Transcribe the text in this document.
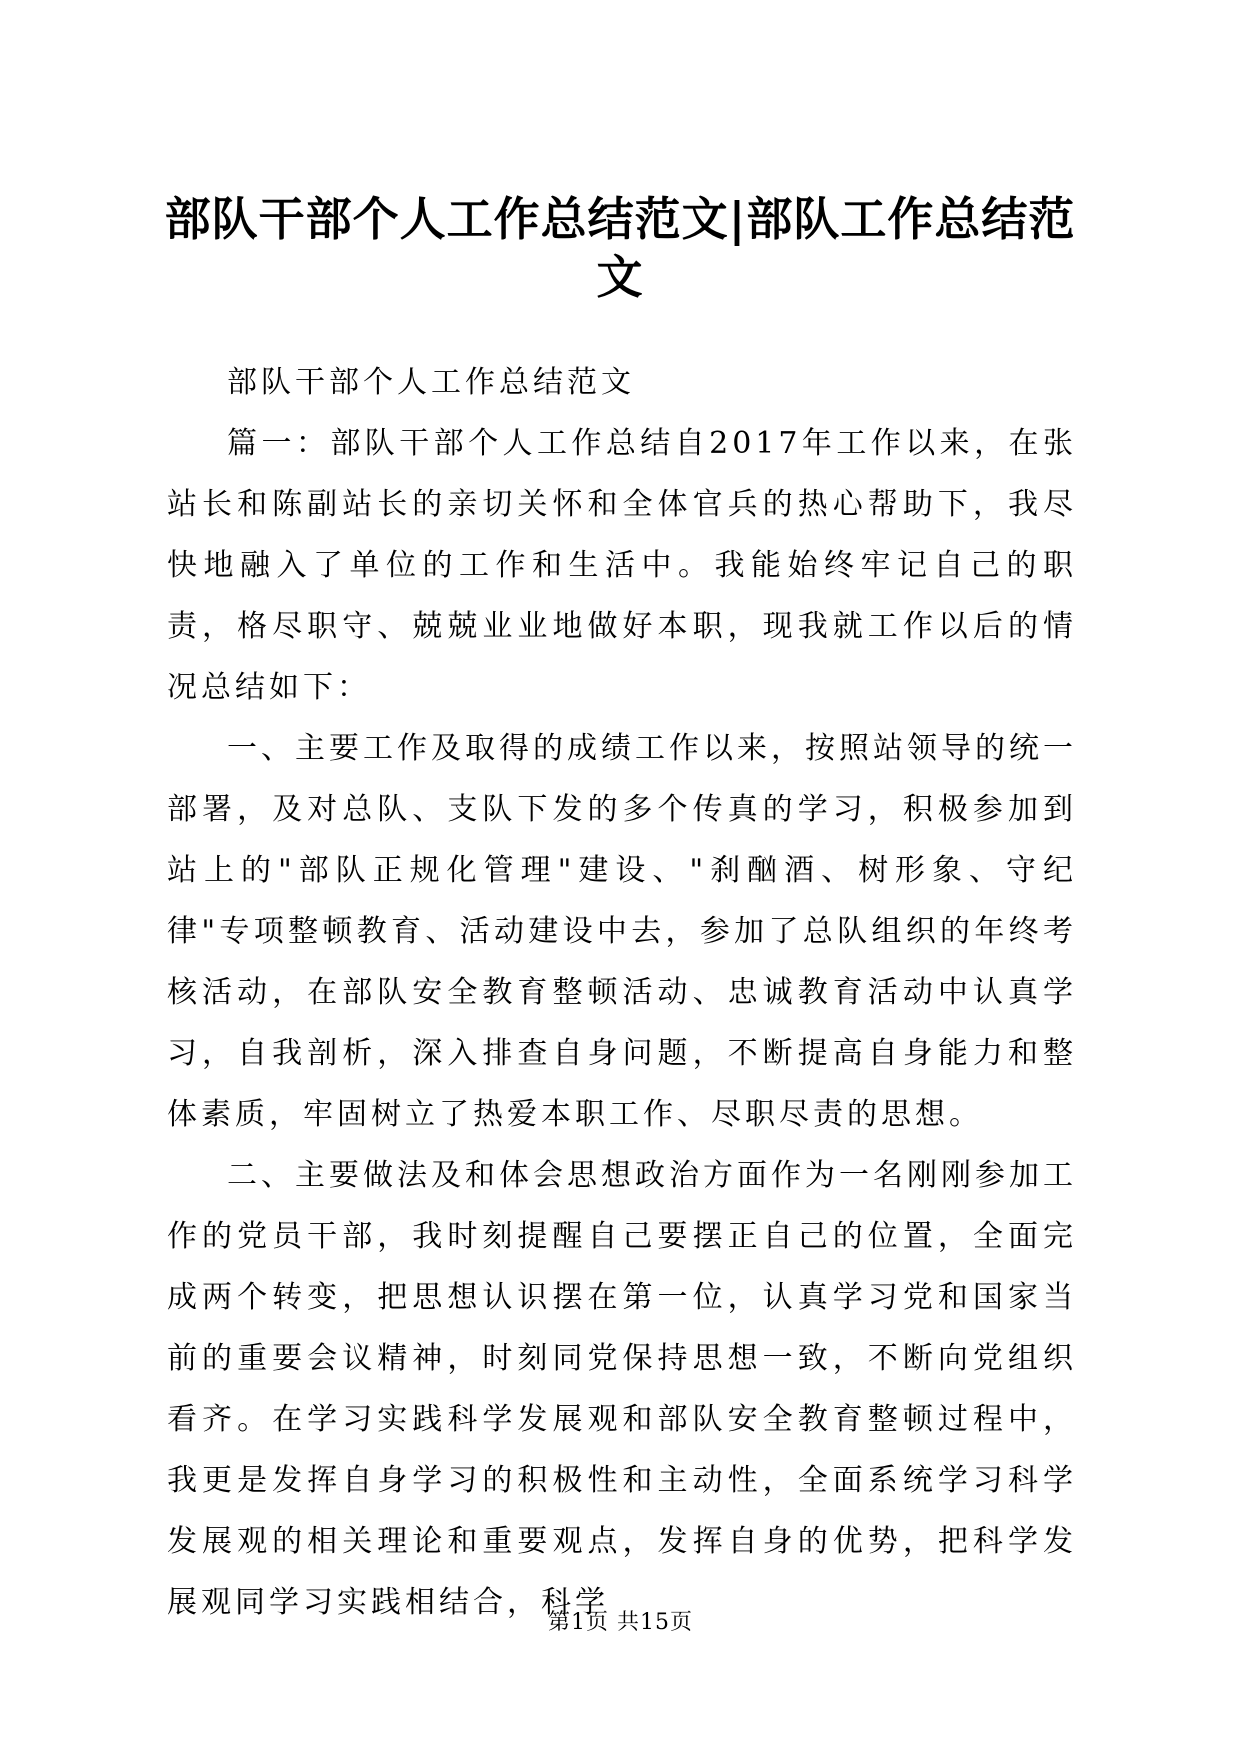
部队干部个人工作总结范文|部队工作总结范文

部队干部个人工作总结范文

篇一：部队干部个人工作总结自2017年工作以来，在张站长和陈副站长的亲切关怀和全体官兵的热心帮助下，我尽快地融入了单位的工作和生活中。我能始终牢记自己的职责，格尽职守、兢兢业业地做好本职，现我就工作以后的情况总结如下：

一、主要工作及取得的成绩工作以来，按照站领导的统一部署，及对总队、支队下发的多个传真的学习，积极参加到站上的"部队正规化管理"建设、"刹酗酒、树形象、守纪律"专项整顿教育、活动建设中去，参加了总队组织的年终考核活动，在部队安全教育整顿活动、忠诚教育活动中认真学习，自我剖析，深入排查自身问题，不断提高自身能力和整体素质，牢固树立了热爱本职工作、尽职尽责的思想。

二、主要做法及和体会思想政治方面作为一名刚刚参加工作的党员干部，我时刻提醒自己要摆正自己的位置，全面完成两个转变，把思想认识摆在第一位，认真学习党和国家当前的重要会议精神，时刻同党保持思想一致，不断向党组织看齐。在学习实践科学发展观和部队安全教育整顿过程中，我更是发挥自身学习的积极性和主动性，全面系统学习科学发展观的相关理论和重要观点，发挥自身的优势，把科学发展观同学习实践相结合，科学

第1页 共15页
